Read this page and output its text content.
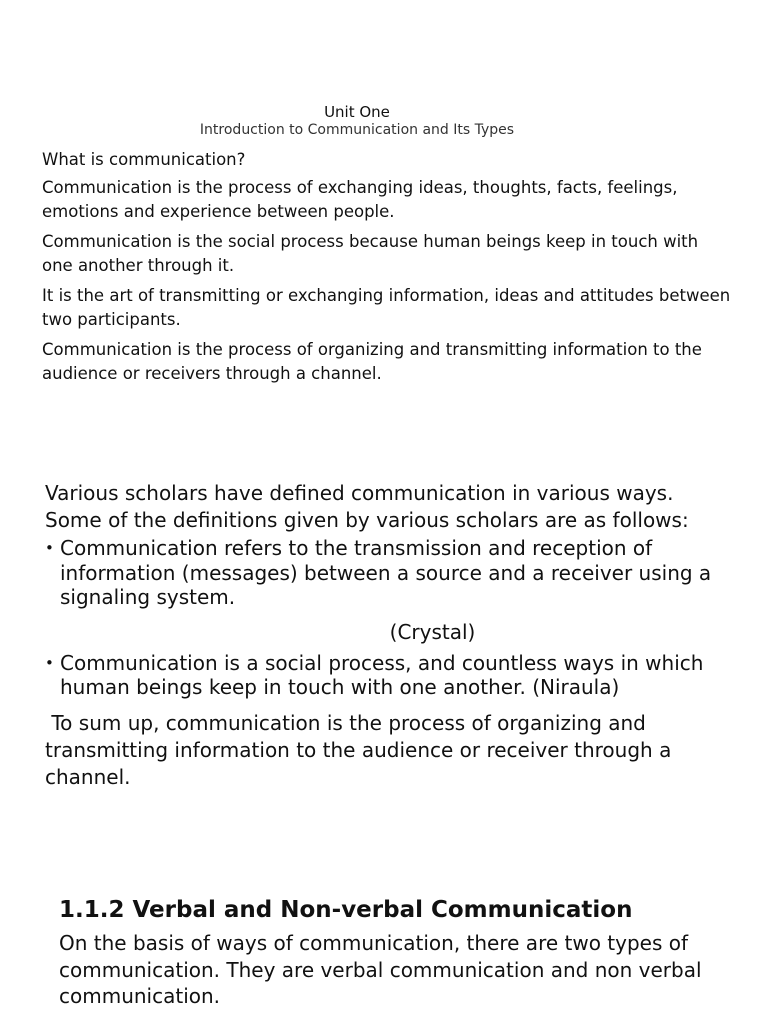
Unit One
Introduction to Communication and Its Types

What is communication?

Communication is the process of exchanging ideas, thoughts, facts, feelings, emotions and experience between people.

Communication is the social process because human beings keep in touch with one another through it.

It is the art of transmitting or exchanging information, ideas and attitudes between two participants.

Communication is the process of organizing and transmitting information to the audience or receivers through a channel.

Various scholars have defined communication in various ways. Some of the definitions given by various scholars are as follows:

• Communication refers to the transmission and reception of information (messages) between a source and a receiver using a signaling system.

(Crystal)

• Communication is a social process, and countless ways in which human beings keep in touch with one another. (Niraula)

To sum up, communication is the process of organizing and transmitting information to the audience or receiver through a channel.

1.1.2 Verbal and Non-verbal Communication

On the basis of ways of communication, there are two types of communication. They are verbal communication and non verbal communication.
